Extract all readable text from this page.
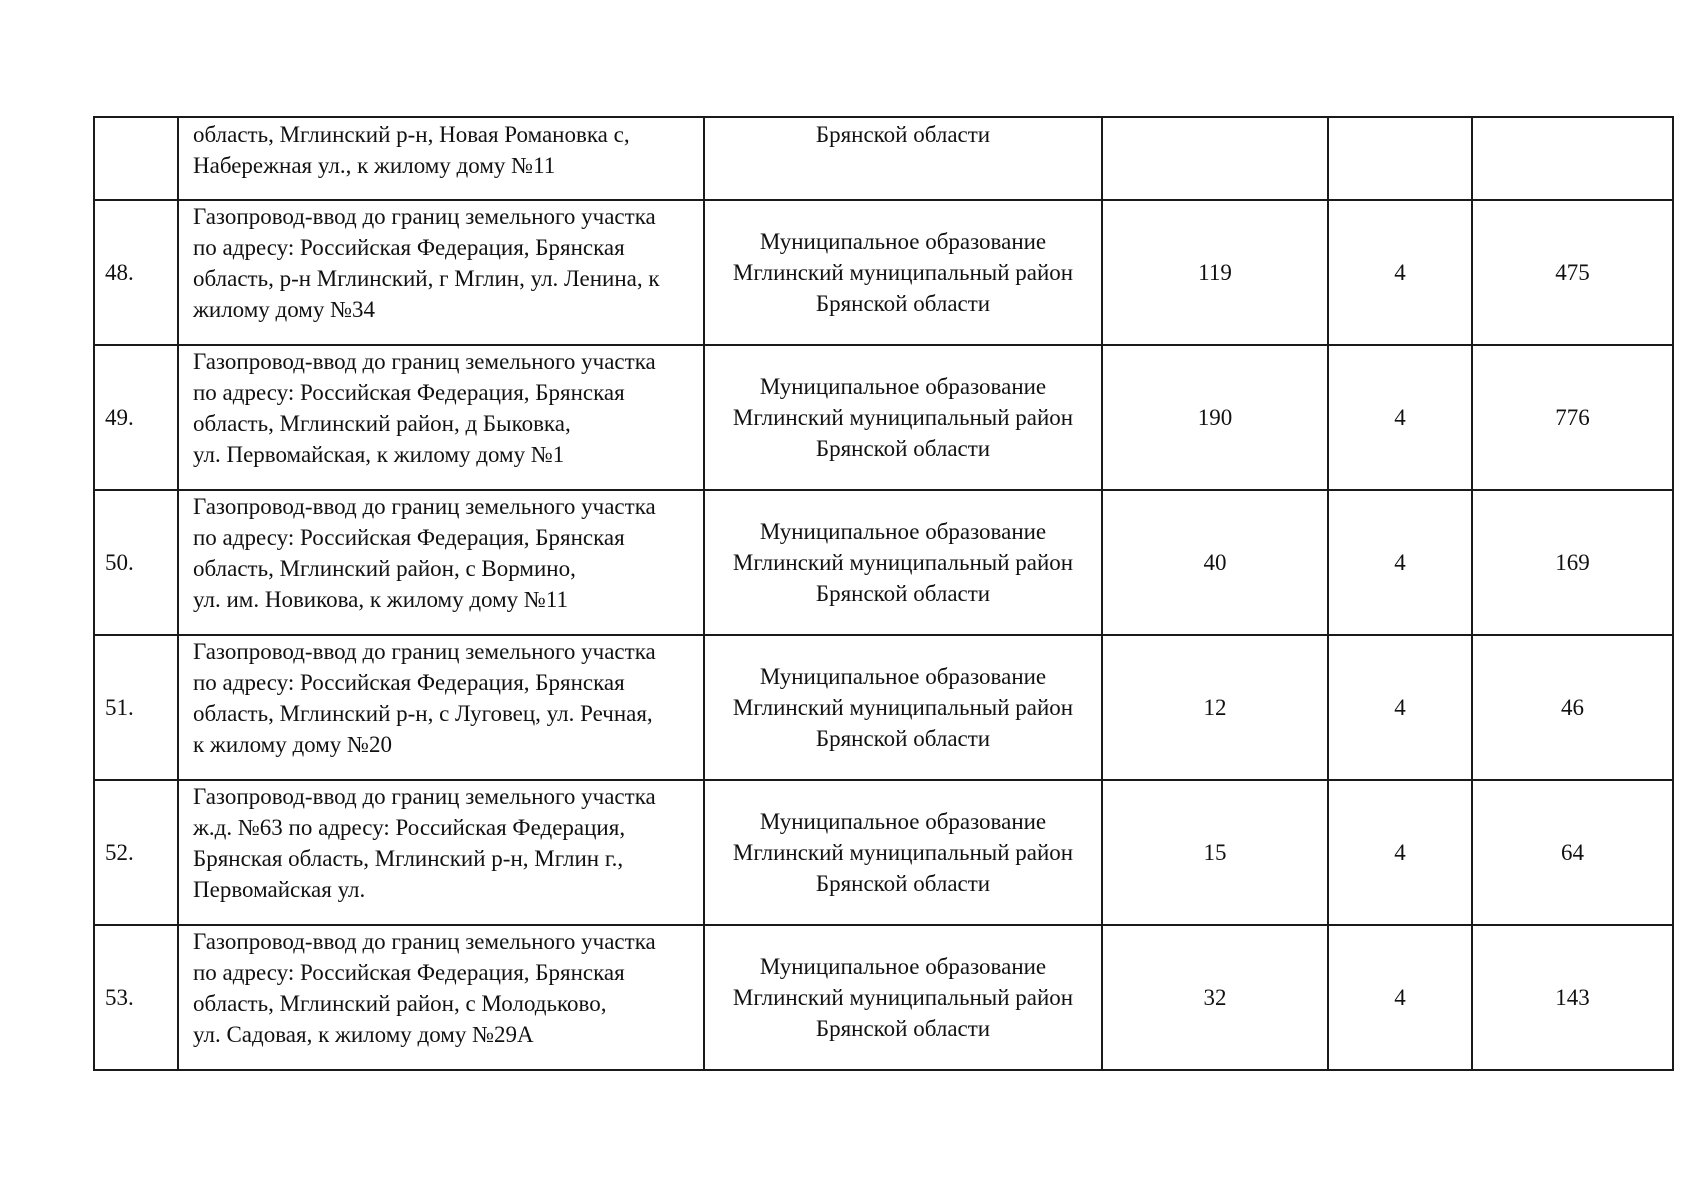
	область, Мглинский р-н, Новая Романовка с,
Набережная ул., к жилому дому №11	Брянской области			

48.	Газопровод-ввод до границ земельного участка
по адресу: Российская Федерация, Брянская
область, р-н Мглинский, г Мглин, ул. Ленина, к
жилому дому №34	Муниципальное образование
Мглинский муниципальный район
Брянской области	119	4	475
49.	Газопровод-ввод до границ земельного участка
по адресу: Российская Федерация, Брянская
область, Мглинский район, д Быковка,
ул. Первомайская, к жилому дому №1	Муниципальное образование
Мглинский муниципальный район
Брянской области	190	4	776
50.	Газопровод-ввод до границ земельного участка
по адресу: Российская Федерация, Брянская
область, Мглинский район, с Вормино,
ул. им. Новикова, к жилому дому №11	Муниципальное образование
Мглинский муниципальный район
Брянской области	40	4	169
51.	Газопровод-ввод до границ земельного участка
по адресу: Российская Федерация, Брянская
область, Мглинский р-н, с Луговец, ул. Речная,
к жилому дому №20	Муниципальное образование
Мглинский муниципальный район
Брянской области	12	4	46
52.	Газопровод-ввод до границ земельного участка
ж.д. №63 по адресу: Российская Федерация,
Брянская область, Мглинский р-н, Мглин г.,
Первомайская ул.	Муниципальное образование
Мглинский муниципальный район
Брянской области	15	4	64
53.	Газопровод-ввод до границ земельного участка
по адресу: Российская Федерация, Брянская
область, Мглинский район, с Молодьково,
ул. Садовая, к жилому дому №29А	Муниципальное образование
Мглинский муниципальный район
Брянской области	32	4	143
